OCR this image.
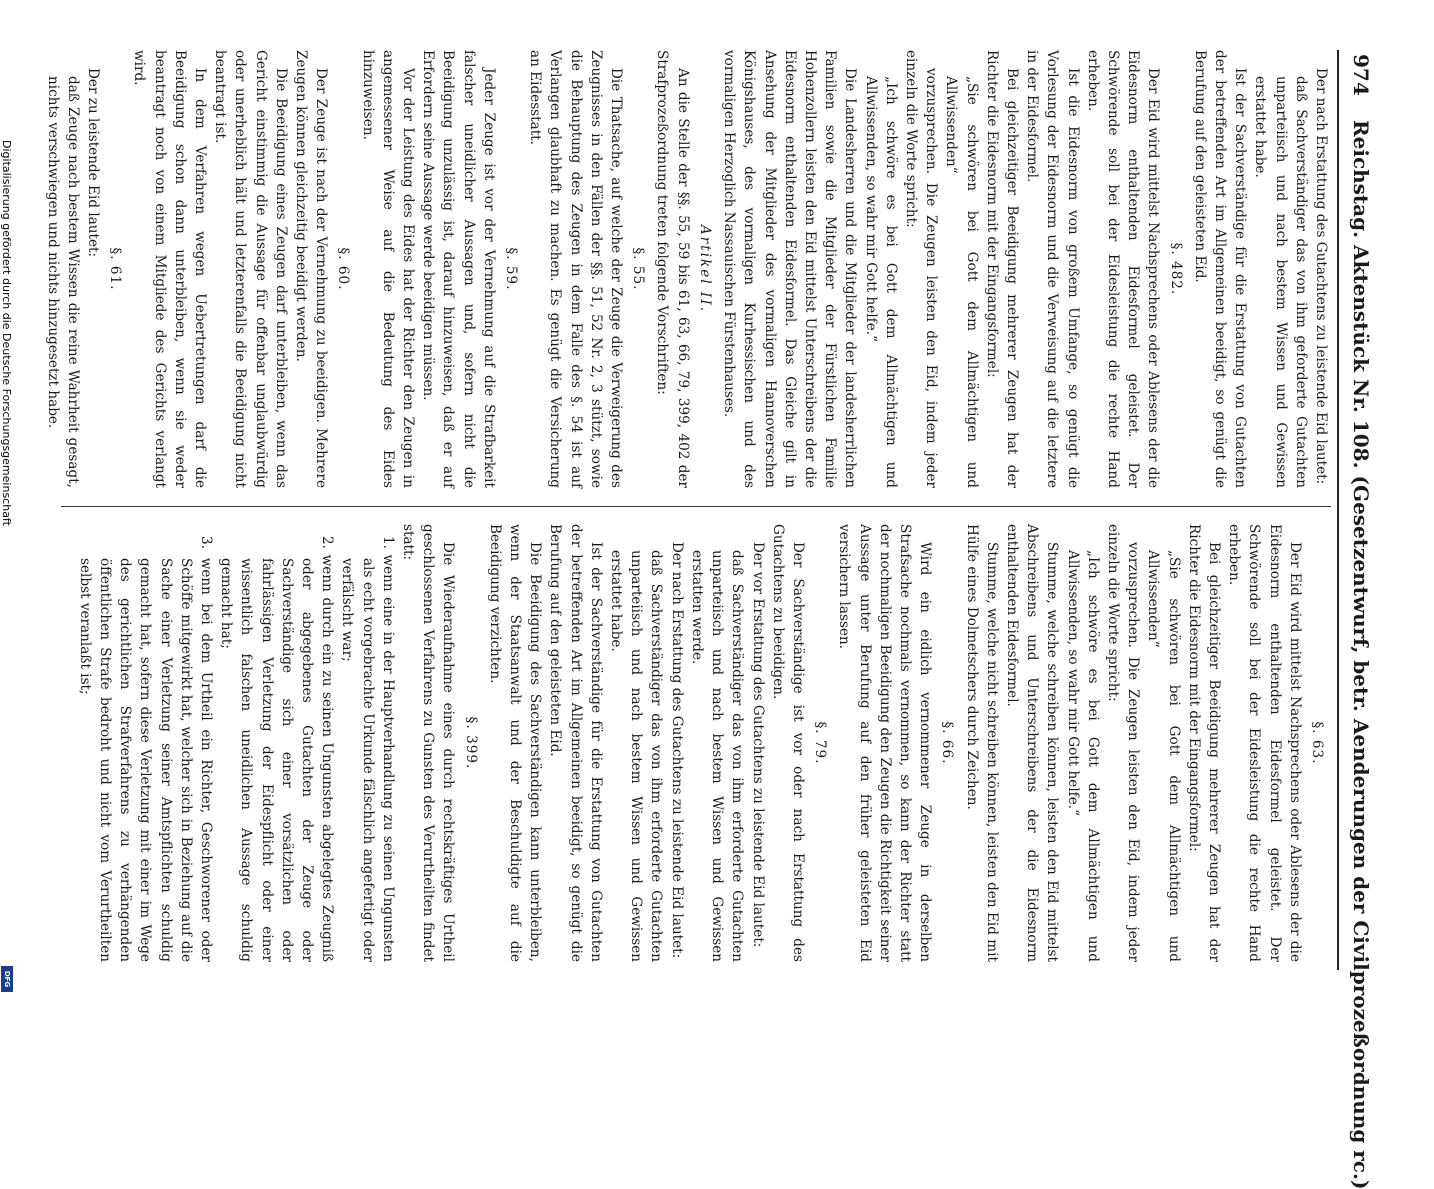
974
Reichstag. Aktenstück Nr. 108. (Gesetzentwurf, betr. Aenderungen der Civilprozeßordnung rc.)

Der nach Erstattung des Gutachtens zu leistende Eid lautet:

daß Sachverständiger das von ihm geforderte Gutachten unparteiisch und nach bestem Wissen und Gewissen erstattet habe.

Ist der Sachverständige für die Erstattung von Gutachten der betreffenden Art im Allgemeinen beeidigt, so genügt die Berufung auf den geleisteten Eid.

§. 482.

Der Eid wird mittelst Nachsprechens oder Ablesens der die Eidesnorm enthaltenden Eidesformel geleistet. Der Schwörende soll bei der Eidesleistung die rechte Hand erheben.

Ist die Eidesnorm von großem Umfange, so genügt die Vorlesung der Eidesnorm und die Verweisung auf die letztere in der Eidesformel.

Bei gleichzeitiger Beeidigung mehrerer Zeugen hat der Richter die Eidesnorm mit der Eingangsformel:

„Sie schwören bei Gott dem Allmächtigen und Allwissenden“

vorzusprechen. Die Zeugen leisten den Eid, indem jeder einzeln die Worte spricht:

„Ich schwöre es bei Gott dem Allmächtigen und Allwissenden, so wahr mir Gott helfe.“

Die Landesherren und die Mitglieder der landesherrlichen Familien sowie die Mitglieder der Fürstlichen Familie Hohenzollern leisten den Eid mittelst Unterschreibens der die Eidesnorm enthaltenden Eidesformel. Das Gleiche gilt in Ansehung der Mitglieder des vormaligen Hannoverschen Königshauses, des vormaligen Kurhessischen und des vormaligen Herzoglich Nassauischen Fürstenhauses.

Artikel II.

An die Stelle der §§. 55, 59 bis 61, 63, 66, 79, 399, 402 der Strafprozeßordnung treten folgende Vorschriften:

§. 55.

Die Thatsache, auf welche der Zeuge die Verweigerung des Zeugnisses in den Fällen der §§. 51, 52 Nr. 2, 3 stützt, sowie die Behauptung des Zeugen in dem Falle des §. 54 ist auf Verlangen glaubhaft zu machen. Es genügt die Versicherung an Eidesstatt.

§. 59.

Jeder Zeuge ist vor der Vernehmung auf die Strafbarkeit falscher uneidlicher Aussagen und, sofern nicht die Beeidigung unzulässig ist, darauf hinzuweisen, daß er auf Erfordern seine Aussage werde beeidigen müssen.

Vor der Leistung des Eides hat der Richter den Zeugen in angemessener Weise auf die Bedeutung des Eides hinzuweisen.

§. 60.

Der Zeuge ist nach der Vernehmung zu beeidigen. Mehrere Zeugen können gleichzeitig beeidigt werden.

Die Beeidigung eines Zeugen darf unterbleiben, wenn das Gericht einstimmig die Aussage für offenbar unglaubwürdig oder unerheblich hält und letzterenfalls die Beeidigung nicht beantragt ist.

In dem Verfahren wegen Uebertretungen darf die Beeidigung schon dann unterbleiben, wenn sie weder beantragt noch von einem Mitgliede des Gerichts verlangt wird.

§. 61.

Der zu leistende Eid lautet:

daß Zeuge nach bestem Wissen die reine Wahrheit gesagt, nichts verschwiegen und nichts hinzugesetzt habe.

§. 63.

Der Eid wird mittelst Nachsprechens oder Ablesens der die Eidesnorm enthaltenden Eidesformel geleistet. Der Schwörende soll bei der Eidesleistung die rechte Hand erheben.

Bei gleichzeitiger Beeidigung mehrerer Zeugen hat der Richter die Eidesnorm mit der Eingangsformel:

„Sie schwören bei Gott dem Allmächtigen und Allwissenden“

vorzusprechen. Die Zeugen leisten den Eid, indem jeder einzeln die Worte spricht:

„Ich schwöre es bei Gott dem Allmächtigen und Allwissenden, so wahr mir Gott helfe.“

Stumme, welche schreiben können, leisten den Eid mittelst Abschreibens und Unterschreibens der die Eidesnorm enthaltenden Eidesformel.

Stumme, welche nicht schreiben können, leisten den Eid mit Hülfe eines Dolmetschers durch Zeichen.

§. 66.

Wird ein eidlich vernommener Zeuge in derselben Strafsache nochmals vernommen, so kann der Richter statt der nochmaligen Beeidigung den Zeugen die Richtigkeit seiner Aussage unter Berufung auf den früher geleisteten Eid versichern lassen.

§. 79.

Der Sachverständige ist vor oder nach Erstattung des Gutachtens zu beeidigen.

Der vor Erstattung des Gutachtens zu leistende Eid lautet:

daß Sachverständiger das von ihm erforderte Gutachten unparteiisch und nach bestem Wissen und Gewissen erstatten werde.

Der nach Erstattung des Gutachtens zu leistende Eid lautet:

daß Sachverständiger das von ihm erforderte Gutachten unparteiisch und nach bestem Wissen und Gewissen erstattet habe.

Ist der Sachverständige für die Erstattung von Gutachten der betreffenden Art im Allgemeinen beeidigt, so genügt die Berufung auf den geleisteten Eid.

Die Beeidigung des Sachverständigen kann unterbleiben, wenn der Staatsanwalt und der Beschuldigte auf die Beeidigung verzichten.

§. 399.

Die Wiederaufnahme eines durch rechtskräftiges Urtheil geschlossenen Verfahrens zu Gunsten des Verurtheilten findet statt:

1. wenn eine in der Hauptverhandlung zu seinen Ungunsten als echt vorgebrachte Urkunde fälschlich angefertigt oder verfälscht war;

2. wenn durch ein zu seinen Ungunsten abgelegtes Zeugniß oder abgegebenes Gutachten der Zeuge oder Sachverständige sich einer vorsätzlichen oder fahrlässigen Verletzung der Eidespflicht oder einer wissentlich falschen uneidlichen Aussage schuldig gemacht hat;

3. wenn bei dem Urtheil ein Richter, Geschworener oder Schöffe mitgewirkt hat, welcher sich in Beziehung auf die Sache einer Verletzung seiner Amtspflichten schuldig gemacht hat, sofern diese Verletzung mit einer im Wege des gerichtlichen Strafverfahrens zu verhängenden öffentlichen Strafe bedroht und nicht vom Verurtheilten selbst veranlaßt ist;

Digitalisierung gefördert durch die Deutsche Forschungsgemeinschaft
DFG
